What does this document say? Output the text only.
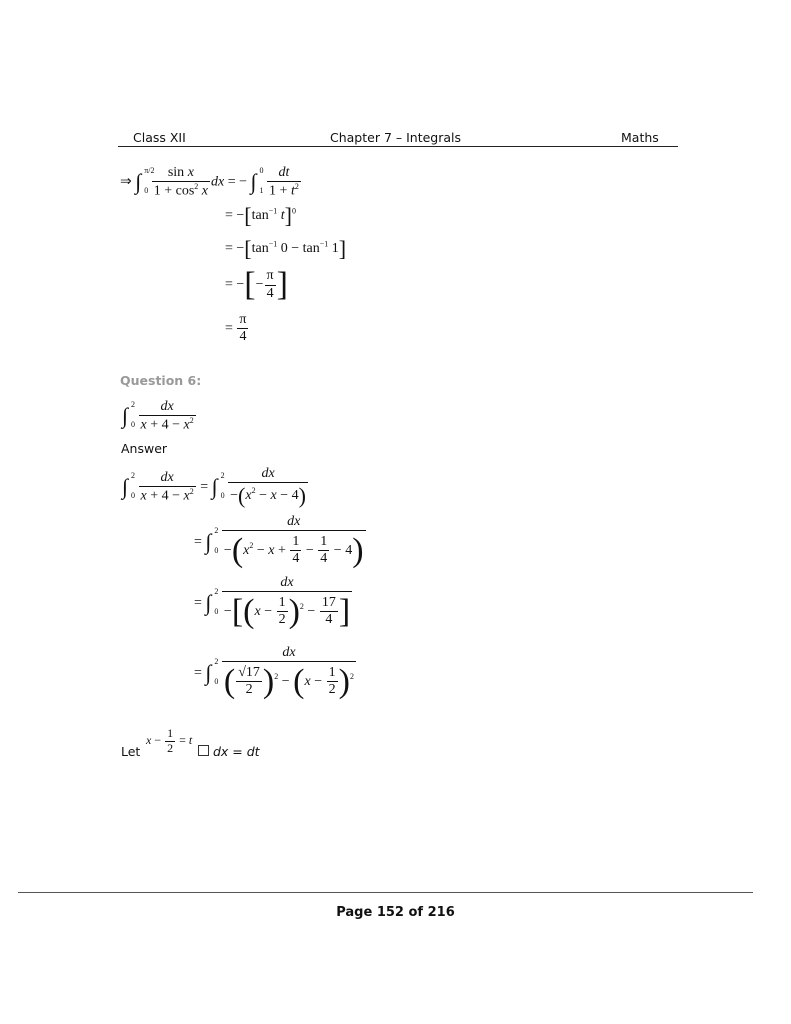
Class XII	Chapter 7 – Integrals	Maths
⇒ ∫ π/2
0
$\frac{\text{sin x}}{1 + \cos^2 x}$ dx = − ∫ 0
1
$\frac{dt}{1 + t^2}$
= $-[\tan^{-1}$ t]$^0$
= $-[\tan^{-1}$ $0 - \tan^{-1} 1$]
= −[− $\frac{\pi}{4}$ ]
= $\frac{\pi}{4}$
Question 6:
∫ 2
0
$\frac{dx}{x + 4 - x^2}$
Answer
∫ 2
0
$\frac{dx}{x + 4 - x^2}$ = ∫ 2
0
$\frac{dx}{-(x^2 - x - 4)}$
= ∫ 2
0
$\frac{dx}{-(x^2 - x + \frac{1}{4} - \frac{1}{4} - 4)}$
= ∫ 2
0
$\frac{dx}{-[(x - \frac{1}{2} )^2 - \frac{17}{4} ]}$
= ∫ 2
0
$\frac{dx}{( \frac{√17}{2} )^2 - (x - \frac{1}{2} )^2}$
Let
$x - \frac{1}{2} = t$
dx = dt
Page 152 of 216
